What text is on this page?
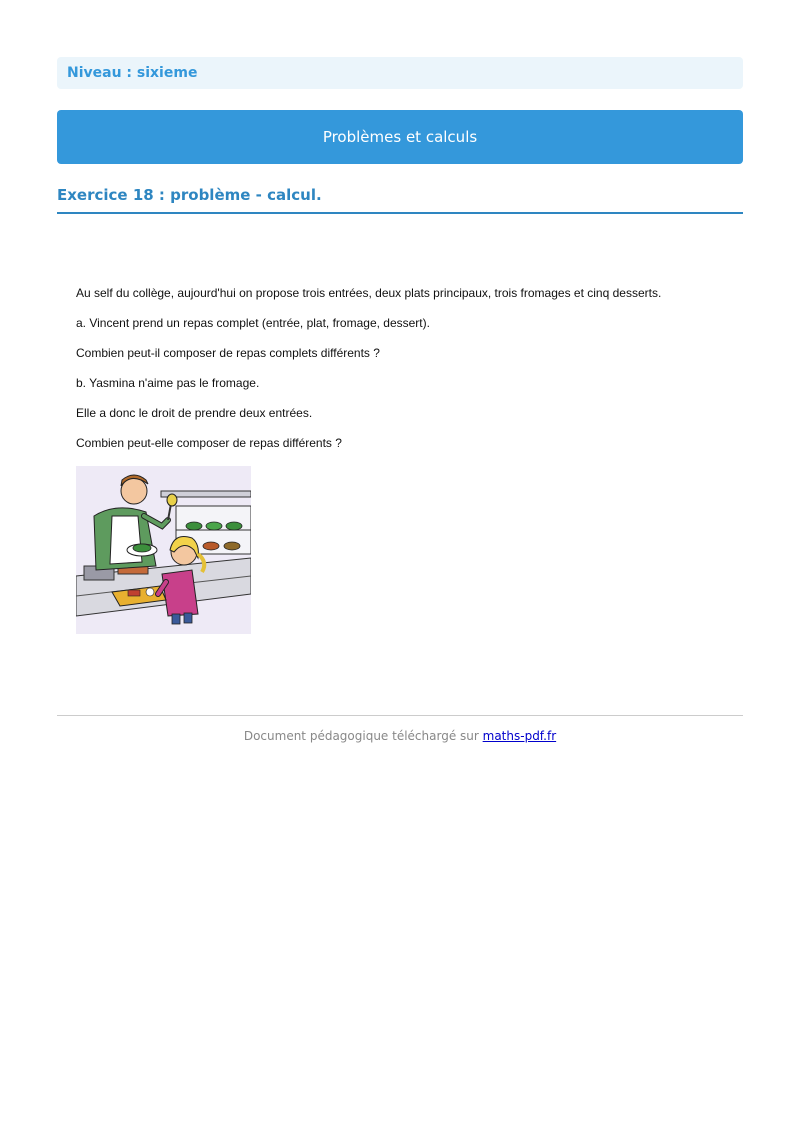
Niveau : sixieme
Problèmes et calculs
Exercice 18 : problème - calcul.

Au self du collège, aujourd'hui on propose trois entrées, deux plats principaux, trois fromages et cinq desserts.

a. Vincent prend un repas complet (entrée, plat, fromage, dessert).

Combien peut-il composer de repas complets différents ?

b. Yasmina n'aime pas le fromage.

Elle a donc le droit de prendre deux entrées.

Combien peut-elle composer de repas différents ?

Document pédagogique téléchargé sur maths-pdf.fr
